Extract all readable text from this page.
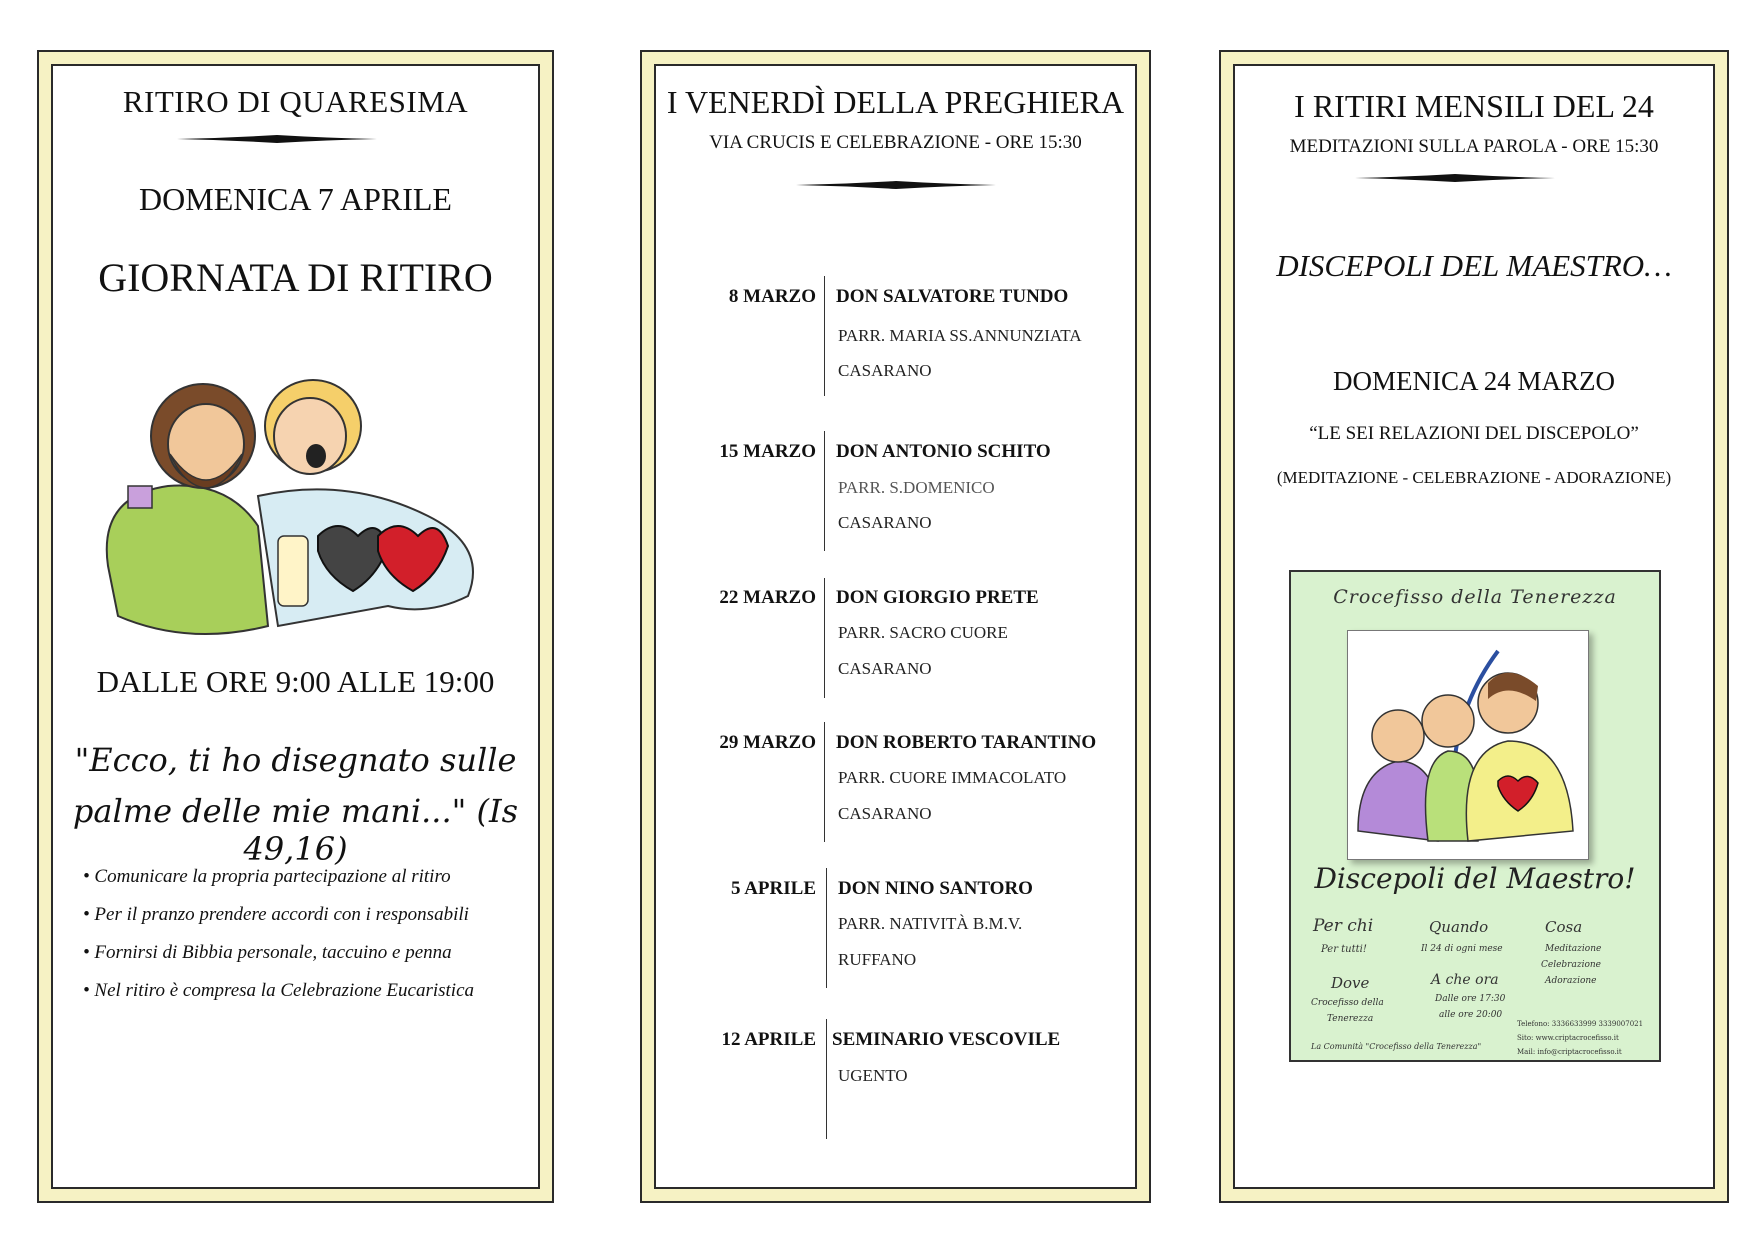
RITIRO DI QUARESIMA
DOMENICA 7 APRILE
GIORNATA DI RITIRO
DALLE ORE 9:00 ALLE 19:00
"Ecco, ti ho disegnato sulle
palme delle mie mani..." (Is 49,16)
• Comunicare la propria partecipazione al ritiro
• Per il pranzo prendere accordi con i responsabili
• Fornirsi di Bibbia personale, taccuino e penna
• Nel ritiro è compresa la Celebrazione Eucaristica
I VENERDÌ DELLA PREGHIERA
VIA CRUCIS E CELEBRAZIONE - ORE 15:30
8 MARZO DON SALVATORE TUNDO
PARR. MARIA SS.ANNUNZIATA
CASARANO
15 MARZO DON ANTONIO SCHITO
PARR. S.DOMENICO
CASARANO
22 MARZO DON GIORGIO PRETE
PARR. SACRO CUORE
CASARANO
29 MARZO DON ROBERTO TARANTINO
PARR. CUORE IMMACOLATO
CASARANO
5 APRILE DON NINO SANTORO
PARR. NATIVITÀ B.M.V.
RUFFANO
12 APRILE SEMINARIO VESCOVILE
UGENTO
I RITIRI MENSILI DEL 24
MEDITAZIONI SULLA PAROLA - ORE 15:30
DISCEPOLI DEL MAESTRO…
DOMENICA 24 MARZO
“LE SEI RELAZIONI DEL DISCEPOLO”
(MEDITAZIONE - CELEBRAZIONE - ADORAZIONE)
Crocefisso della Tenerezza
Discepoli del Maestro!
Per chi
Per tutti!
Dove
Crocefisso della
Tenerezza
Quando
Il 24 di ogni mese
A che ora
Dalle ore 17:30
alle ore 20:00
Cosa
Meditazione
Celebrazione
Adorazione
La Comunità "Crocefisso della Tenerezza"
Telefono: 3336633999 3339007021
Sito: www.criptacrocefisso.it
Mail: info@criptacrocefisso.it
